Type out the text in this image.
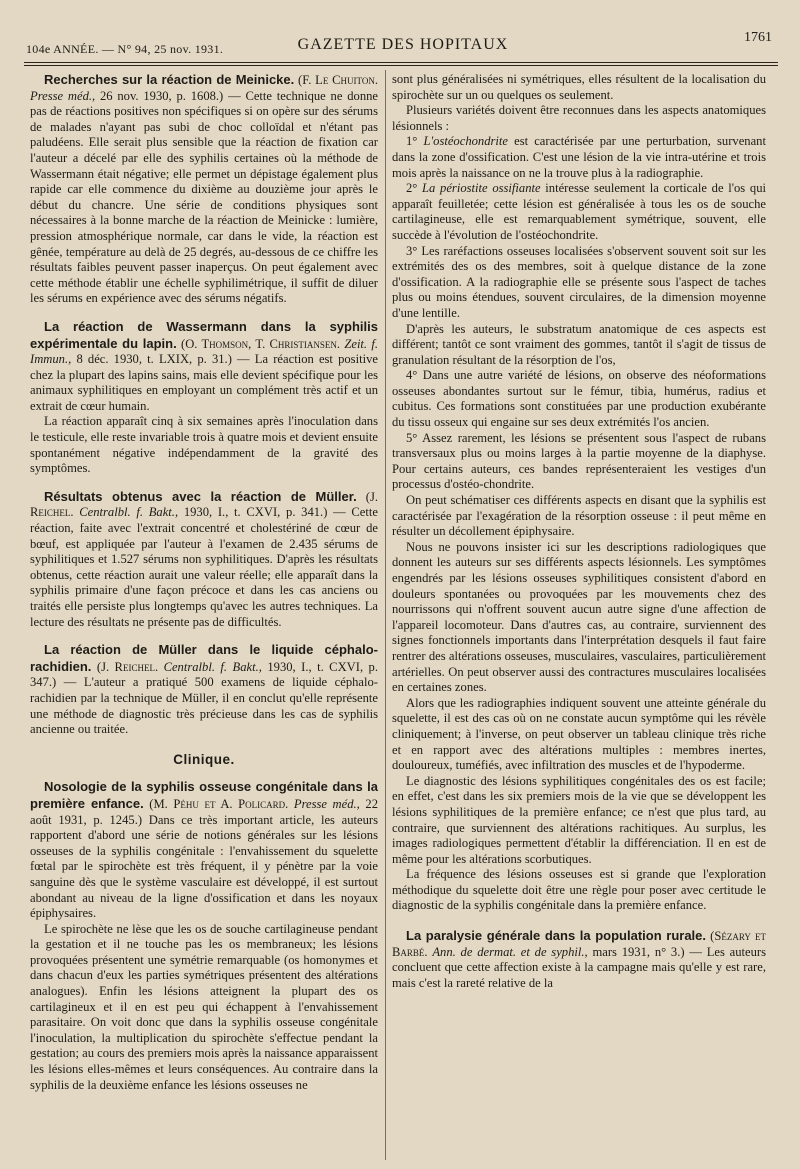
104e ANNÉE. — N° 94, 25 nov. 1931.	GAZETTE DES HOPITAUX	1761

Recherches sur la réaction de Meinicke. (F. Le Chuiton. Presse méd., 26 nov. 1930, p. 1608.) — Cette technique ne donne pas de réactions positives non spécifiques si on opère sur des sérums de malades n'ayant pas subi de choc colloïdal et n'étant pas paludéens. Elle serait plus sensible que la réaction de fixation car l'auteur a décelé par elle des syphilis certaines où la méthode de Wassermann était négative; elle permet un dépistage également plus rapide car elle commence du dixième au douzième jour après le début du chancre. Une série de conditions physiques sont nécessaires à la bonne marche de la réaction de Meinicke : lumière, pression atmosphérique normale, car dans le vide, la réaction est gênée, température au delà de 25 degrés, au-dessous de ce chiffre les résultats faibles peuvent passer inaperçus. On peut également avec cette méthode établir une échelle syphilimétrique, il suffit de diluer les sérums en expérience avec des sérums négatifs.

La réaction de Wassermann dans la syphilis expérimentale du lapin. (O. Thomson, T. Christiansen. Zeit. f. Immun., 8 déc. 1930, t. LXIX, p. 31.) — La réaction est positive chez la plupart des lapins sains, mais elle devient spécifique pour les animaux syphilitiques en employant un complément très actif et un extrait de cœur humain.

La réaction apparaît cinq à six semaines après l'inoculation dans le testicule, elle reste invariable trois à quatre mois et devient ensuite spontanément négative indépendamment de la gravité des symptômes.

Résultats obtenus avec la réaction de Müller. (J. Reichel. Centralbl. f. Bakt., 1930, I., t. CXVI, p. 341.) — Cette réaction, faite avec l'extrait concentré et cholestériné de cœur de bœuf, est appliquée par l'auteur à l'examen de 2.435 sérums de syphilitiques et 1.527 sérums non syphilitiques. D'après les résultats obtenus, cette réaction aurait une valeur réelle; elle apparaît dans la syphilis primaire d'une façon précoce et dans les cas anciens ou traités elle persiste plus longtemps qu'avec les autres techniques. La lecture des résultats ne présente pas de difficultés.

La réaction de Müller dans le liquide céphalo-rachidien. (J. Reichel. Centralbl. f. Bakt., 1930, I., t. CXVI, p. 347.) — L'auteur a pratiqué 500 examens de liquide céphalo-rachidien par la technique de Müller, il en conclut qu'elle représente une méthode de diagnostic très précieuse dans les cas de syphilis ancienne ou traitée.

Clinique.

Nosologie de la syphilis osseuse congénitale dans la première enfance. (M. Péhu et A. Policard. Presse méd., 22 août 1931, p. 1245.) Dans ce très important article, les auteurs rapportent d'abord une série de notions générales sur les lésions osseuses de la syphilis congénitale : l'envahissement du squelette fœtal par le spirochète est très fréquent, il y pénètre par la voie sanguine dès que le système vasculaire est développé, il est surtout abondant au niveau de la ligne d'ossification et dans les noyaux épiphysaires.

Le spirochète ne lèse que les os de souche cartilagineuse pendant la gestation et il ne touche pas les os membraneux; les lésions provoquées présentent une symétrie remarquable (os homonymes et dans chacun d'eux les parties symétriques présentent des altérations analogues). Enfin les lésions atteignent la plupart des os cartilagineux et il en est peu qui échappent à l'envahissement parasitaire. On voit donc que dans la syphilis osseuse congénitale l'inoculation, la multiplication du spirochète s'effectue pendant la gestation; au cours des premiers mois après la naissance apparaissent les lésions elles-mêmes et leurs conséquences. Au contraire dans la syphilis de la deuxième enfance les lésions osseuses ne

sont plus généralisées ni symétriques, elles résultent de la localisation du spirochète sur un ou quelques os seulement.

Plusieurs variétés doivent être reconnues dans les aspects anatomiques lésionnels :

1° L'ostéochondrite est caractérisée par une perturbation, survenant dans la zone d'ossification. C'est une lésion de la vie intra-utérine et trois mois après la naissance on ne la trouve plus à la radiographie.

2° La périostite ossifiante intéresse seulement la corticale de l'os qui apparaît feuilletée; cette lésion est généralisée à tous les os de souche cartilagineuse, elle est remarquablement symétrique, souvent, elle succède à l'évolution de l'ostéochondrite.

3° Les raréfactions osseuses localisées s'observent souvent soit sur les extrémités des os des membres, soit à quelque distance de la zone d'ossification. A la radiographie elle se présente sous l'aspect de taches plus ou moins étendues, souvent circulaires, de la dimension moyenne d'une lentille.

D'après les auteurs, le substratum anatomique de ces aspects est différent; tantôt ce sont vraiment des gommes, tantôt il s'agit de tissus de granulation résultant de la résorption de l'os,

4° Dans une autre variété de lésions, on observe des néoformations osseuses abondantes surtout sur le fémur, tibia, humérus, radius et cubitus. Ces formations sont constituées par une production exubérante du tissu osseux qui engaine sur ses deux extrémités l'os ancien.

5° Assez rarement, les lésions se présentent sous l'aspect de rubans transversaux plus ou moins larges à la partie moyenne de la diaphyse. Pour certains auteurs, ces bandes représenteraient les vestiges d'un processus d'ostéo-chondrite.

On peut schématiser ces différents aspects en disant que la syphilis est caractérisée par l'exagération de la résorption osseuse : il peut même en résulter un décollement épiphysaire.

Nous ne pouvons insister ici sur les descriptions radiologiques que donnent les auteurs sur ses différents aspects lésionnels. Les symptômes engendrés par les lésions osseuses syphilitiques consistent d'abord en douleurs spontanées ou provoquées par les mouvements chez des nourrissons qui n'offrent souvent aucun autre signe d'une affection de l'appareil locomoteur. Dans d'autres cas, au contraire, surviennent des signes fonctionnels importants dans l'interprétation desquels il faut faire rentrer des altérations osseuses, musculaires, vasculaires, particulièrement artérielles. On peut observer aussi des contractures musculaires localisées en certaines zones.

Alors que les radiographies indiquent souvent une atteinte générale du squelette, il est des cas où on ne constate aucun symptôme qui les révèle cliniquement; à l'inverse, on peut observer un tableau clinique très riche et en rapport avec des altérations multiples : membres inertes, douloureux, tuméfiés, avec infiltration des muscles et de l'hypoderme.

Le diagnostic des lésions syphilitiques congénitales des os est facile; en effet, c'est dans les six premiers mois de la vie que se développent les lésions syphilitiques de la première enfance; ce n'est que plus tard, au contraire, que surviennent des altérations rachitiques. Au surplus, les images radiologiques permettent d'établir la différenciation. Il en est de même pour les altérations scorbutiques.

La fréquence des lésions osseuses est si grande que l'exploration méthodique du squelette doit être une règle pour poser avec certitude le diagnostic de la syphilis congénitale dans la première enfance.

La paralysie générale dans la population rurale. (Sézary et Barbé. Ann. de dermat. et de syphil., mars 1931, n° 3.) — Les auteurs concluent que cette affection existe à la campagne mais qu'elle y est rare, mais c'est la rareté relative de la
